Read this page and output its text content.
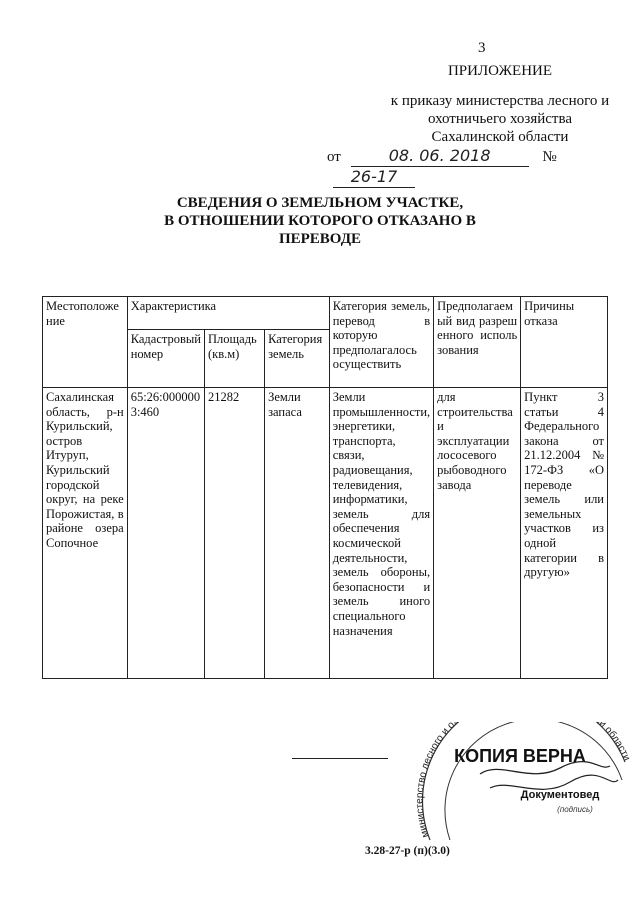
3
ПРИЛОЖЕНИЕ
к приказу министерства лесного и
охотничьего хозяйства
Сахалинской области
от	08. 06. 2018	№ 26-17
СВЕДЕНИЯ О ЗЕМЕЛЬНОМ УЧАСТКЕ,
В ОТНОШЕНИИ КОТОРОГО ОТКАЗАНО В
ПЕРЕВОДЕ
Местоположение	Характеристика			Категория земель, перевод в которую предполагалось осуществить	Предполагаемый вид разрешенного использования	Причины отказа
	Кадастровый номер	Площадь (кв.м)	Категория земель			
Сахалинская область, р-н Курильский, остров Итуруп, Курильский городской округ, на реке Порожистая, в районе озера Сопочное	65:26:0000003:460	21282	Земли запаса	Земли промышленности, энергетики, транспорта, связи, радиовещания, телевидения, информатики, земель для обеспечения космической деятельности, земель обороны, безопасности и земель иного специального назначения	для строительства и эксплуатации лососевого рыбоводного завода	Пункт 3 статьи 4 Федерального закона от 21.12.2004 № 172-ФЗ «О переводе земель или земельных участков из одной категории в другую»
министерство лесного и о й област
КОПИЯ ВЕРНА
Документовед
(подпись)
3.28-27-р (п)(3.0)
